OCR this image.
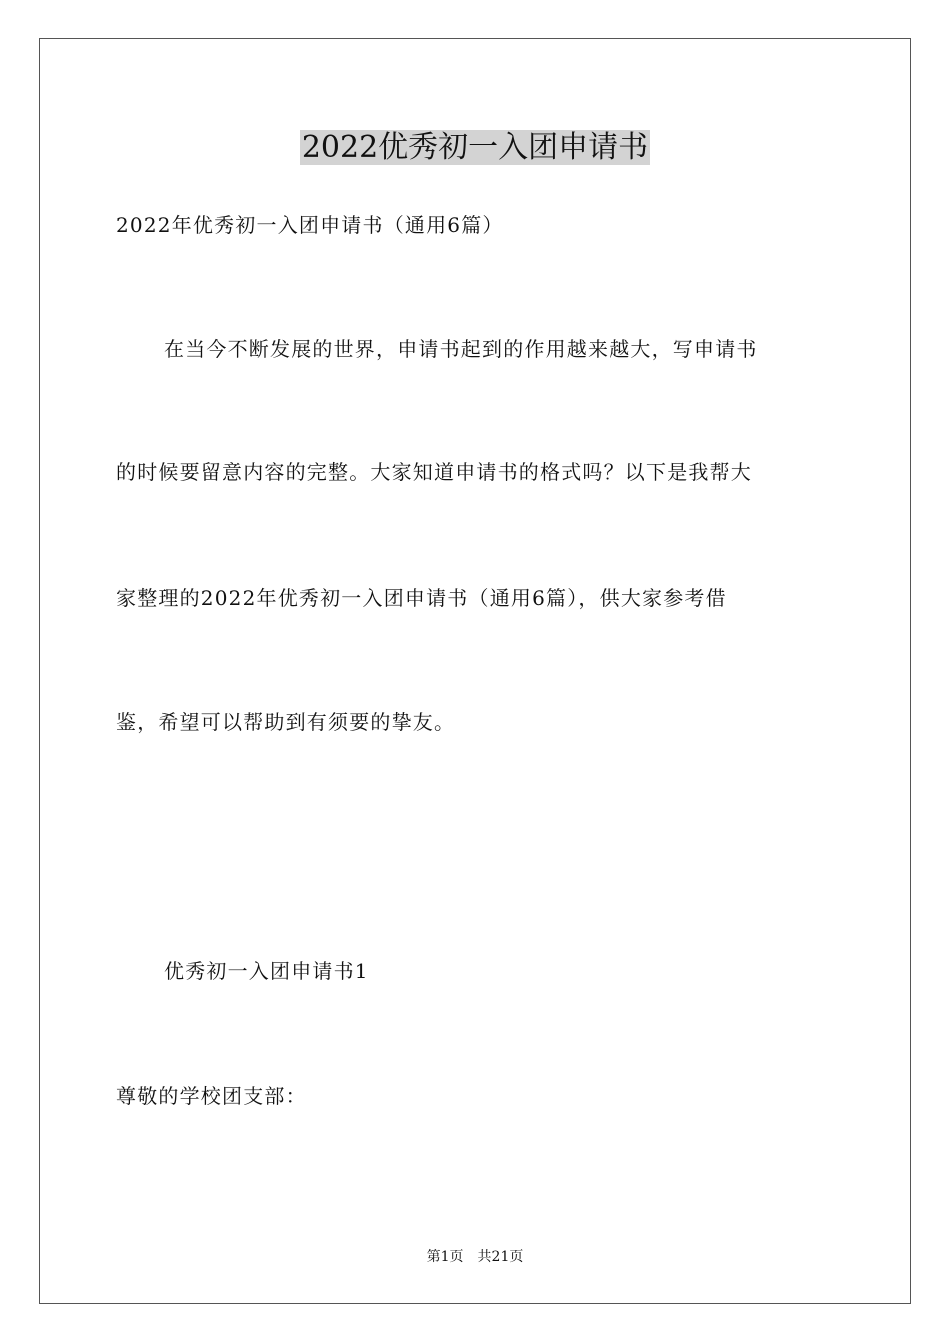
2022优秀初一入团申请书
2022年优秀初一入团申请书（通用6篇）
在当今不断发展的世界，申请书起到的作用越来越大，写申请书
的时候要留意内容的完整。大家知道申请书的格式吗？以下是我帮大
家整理的2022年优秀初一入团申请书（通用6篇），供大家参考借
鉴，希望可以帮助到有须要的挚友。
优秀初一入团申请书1
尊敬的学校团支部：
第1页　共21页
